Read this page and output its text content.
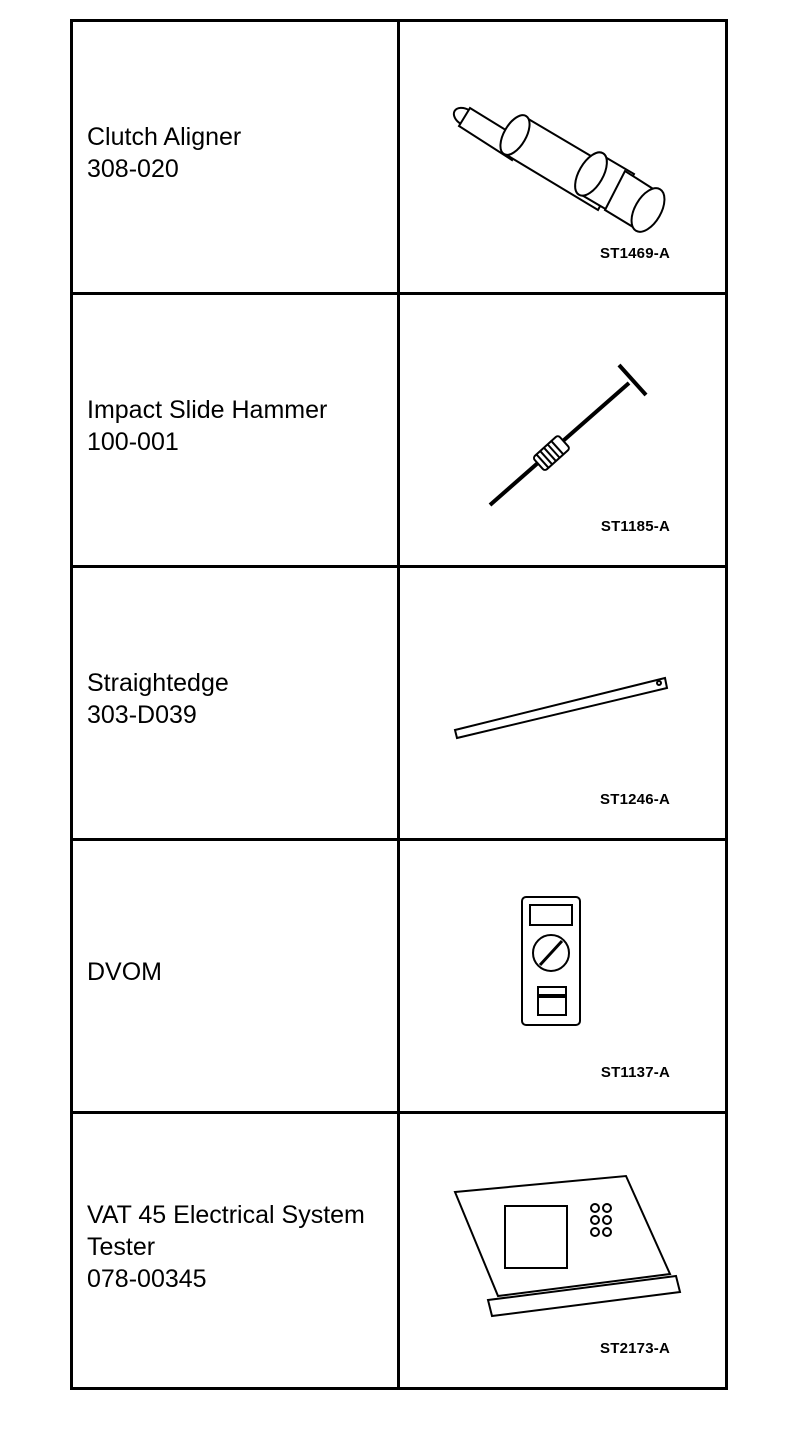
Clutch Aligner
308-020
ST1469-A
Impact Slide Hammer
100-001
ST1185-A
Straightedge
303-D039
ST1246-A
DVOM
ST1137-A
VAT 45 Electrical System
Tester
078-00345
ST2173-A
